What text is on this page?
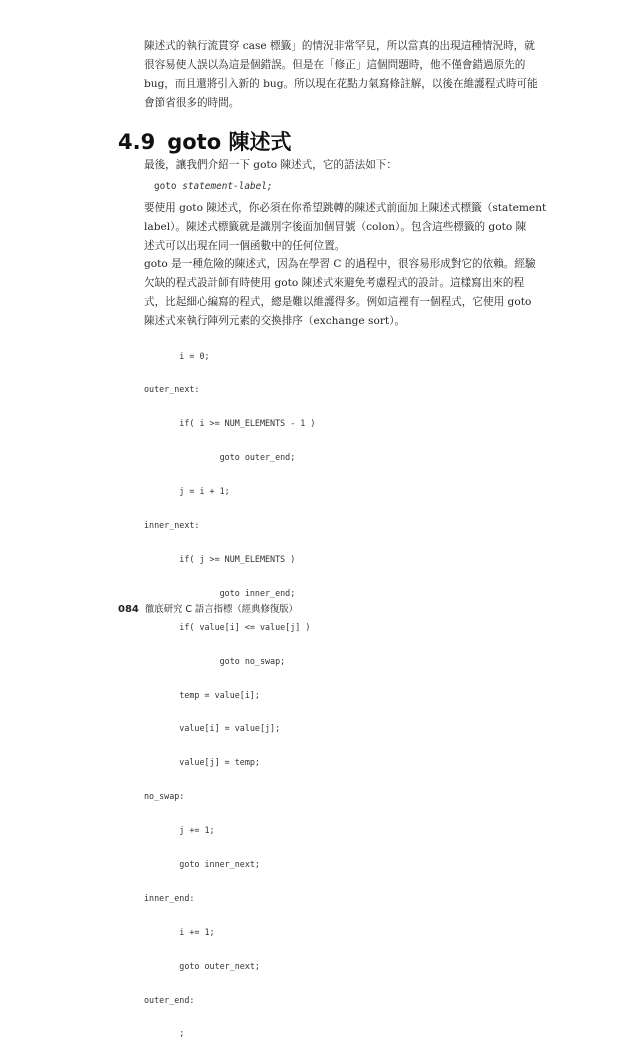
陳述式的執行流貫穿 case 標籤」的情況非常罕見，所以當真的出現這種情況時，就
很容易使人誤以為這是個錯誤。但是在「修正」這個問題時，他不僅會錯過原先的
bug，而且還將引入新的 bug。所以現在花點力氣寫條註解，以後在維護程式時可能
會節省很多的時間。

4.9 goto 陳述式

最後，讓我們介紹一下 goto 陳述式，它的語法如下：

goto statement-label;

要使用 goto 陳述式，你必須在你希望跳轉的陳述式前面加上陳述式標籤（statement
label）。陳述式標籤就是識別字後面加個冒號（colon）。包含這些標籤的 goto 陳
述式可以出現在同一個函數中的任何位置。

goto 是一種危險的陳述式，因為在學習 C 的過程中，很容易形成對它的依賴。經驗
欠缺的程式設計師有時使用 goto 陳述式來避免考慮程式的設計。這樣寫出來的程
式，比起細心編寫的程式，總是難以維護得多。例如這裡有一個程式，它使用 goto
陳述式來執行陣列元素的交換排序（exchange sort）。

i = 0;

outer_next:

if( i >= NUM_ELEMENTS - 1 )

goto outer_end;

j = i + 1;

inner_next:

if( j >= NUM_ELEMENTS )

goto inner_end;

if( value[i] <= value[j] )

goto no_swap;

temp = value[i];

value[i] = value[j];

value[j] = temp;

no_swap:

j += 1;

goto inner_next;

inner_end:

i += 1;

goto outer_next;

outer_end:

;

084 徹底研究 C 語言指標（經典修復版）
